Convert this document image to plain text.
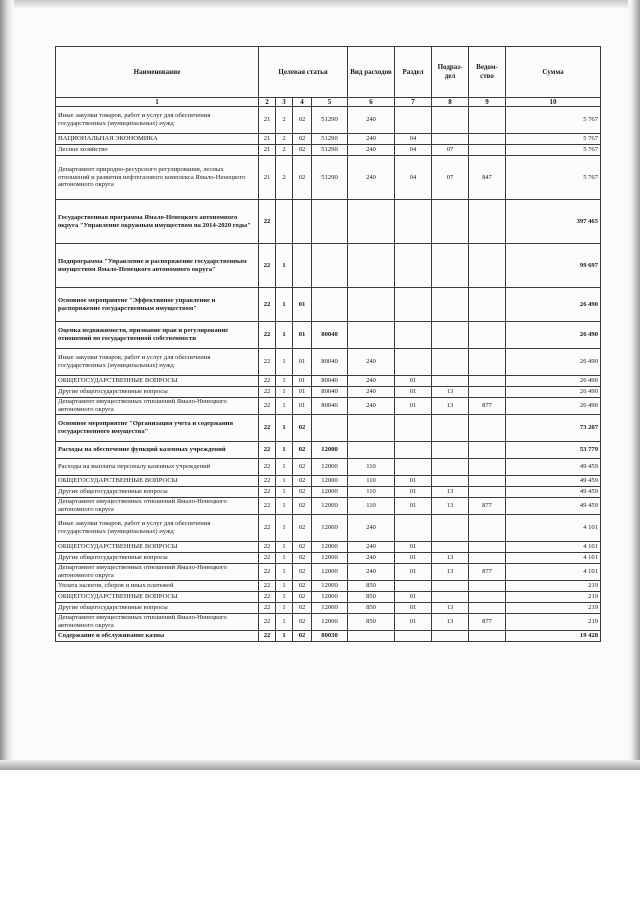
Наименование	Целевая статья				Вид расходов	Раздел	Подраз-дел	Ведом-ство	Сумма
1	2	3	4	5	6	7	8	9	10
Иные закупки товаров, работ и услуг для обеспечения государственных (муниципальных) нужд	21	2	02	51290	240				5 767
НАЦИОНАЛЬНАЯ ЭКОНОМИКА	21	2	02	51290	240	04			5 767
Лесное хозяйство	21	2	02	51290	240	04	07		5 767
Департамент природно-ресурсного регулирования, лесных отношений и развития нефтегазового комплекса Ямало-Ненецкого автономного округа	21	2	02	51290	240	04	07	847	5 767
Государственная программа Ямало-Ненецкого автономного округа "Управление окружным имуществом на 2014-2020 годы"	22								397 465
Подпрограмма "Управление и распоряжение государственным имуществом Ямало-Ненецкого автономного округа"	22	1							99 697
Основное мероприятие "Эффективное управление и распоряжение государственным имуществом"	22	1	01						26 490
Оценка недвижимости, признание прав и регулирование отношений по государственной собственности	22	1	01	80040					26 490
Иные закупки товаров, работ и услуг для обеспечения государственных (муниципальных) нужд	22	1	01	80040	240				26 490
ОБЩЕГОСУДАРСТВЕННЫЕ ВОПРОСЫ	22	1	01	80040	240	01			26 490
Другие общегосударственные вопросы	22	1	01	80040	240	01	13		26 490
Департамент имущественных отношений Ямало-Ненецкого автономного округа	22	1	01	80040	240	01	13	877	26 490
Основное мероприятие "Организация учета и содержания государственного имущества"	22	1	02						73 207
Расходы на обеспечение функций казенных учреждений	22	1	02	12000					53 779
Расходы на выплаты персоналу казенных учреждений	22	1	02	12000	110				49 459
ОБЩЕГОСУДАРСТВЕННЫЕ ВОПРОСЫ	22	1	02	12000	110	01			49 459
Другие общегосударственные вопросы	22	1	02	12000	110	01	13		49 459
Департамент имущественных отношений Ямало-Ненецкого автономного округа	22	1	02	12000	110	01	13	877	49 459
Иные закупки товаров, работ и услуг для обеспечения государственных (муниципальных) нужд	22	1	02	12000	240				4 101
ОБЩЕГОСУДАРСТВЕННЫЕ ВОПРОСЫ	22	1	02	12000	240	01			4 101
Другие общегосударственные вопросы	22	1	02	12000	240	01	13		4 101
Департамент имущественных отношений Ямало-Ненецкого автономного округа	22	1	02	12000	240	01	13	877	4 101
Уплата налогов, сборов и иных платежей	22	1	02	12000	850				219
ОБЩЕГОСУДАРСТВЕННЫЕ ВОПРОСЫ	22	1	02	12000	850	01			219
Другие общегосударственные вопросы	22	1	02	12000	850	01	13		219
Департамент имущественных отношений Ямало-Ненецкого автономного округа	22	1	02	12000	850	01	13	877	219
Содержание и обслуживание казны	22	1	02	80030					19 428
